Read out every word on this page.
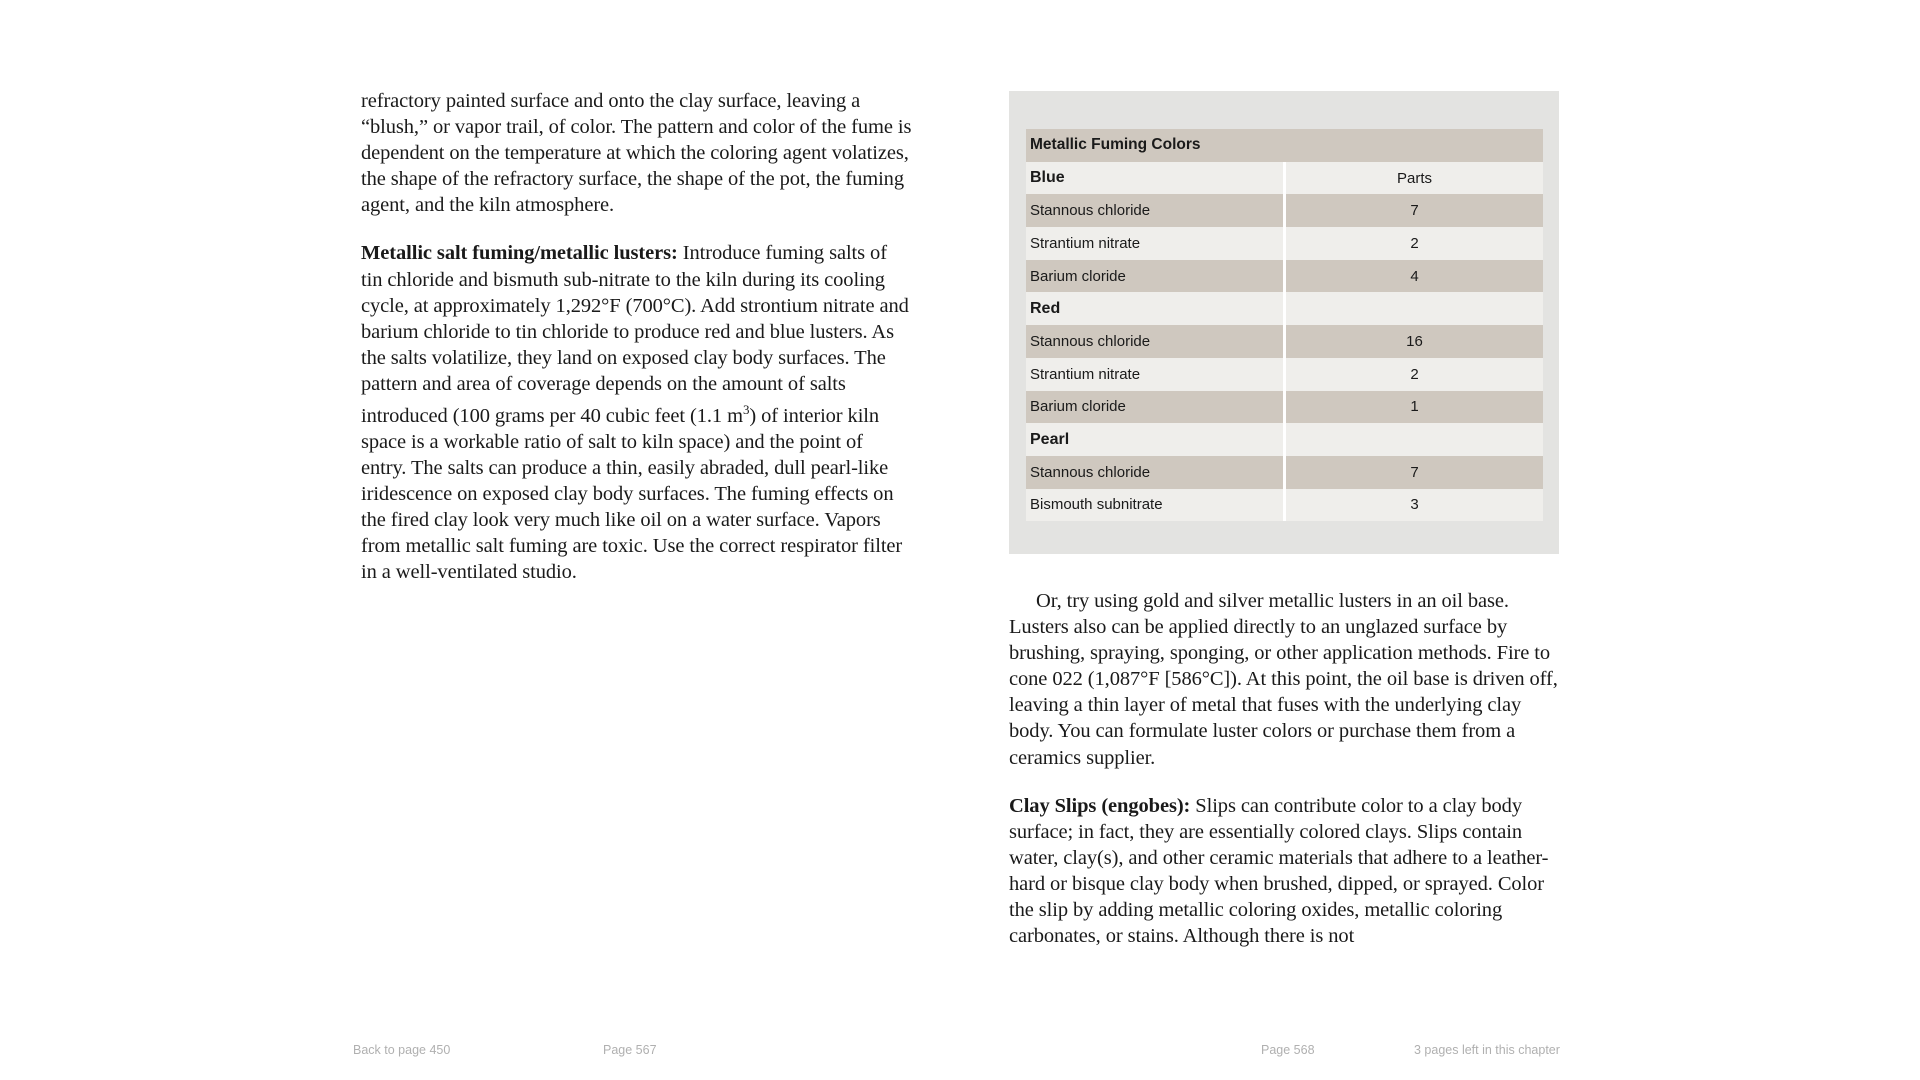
refractory painted surface and onto the clay surface, leaving a “blush,” or vapor trail, of color. The pattern and color of the fume is dependent on the temperature at which the coloring agent volatizes, the shape of the refractory surface, the shape of the pot, the fuming agent, and the kiln atmosphere.

Metallic salt fuming/metallic lusters: Introduce fuming salts of tin chloride and bismuth sub-nitrate to the kiln during its cooling cycle, at approximately 1,292°F (700°C). Add strontium nitrate and barium chloride to tin chloride to produce red and blue lusters. As the salts volatilize, they land on exposed clay body surfaces. The pattern and area of coverage depends on the amount of salts introduced (100 grams per 40 cubic feet (1.1 $m^3$) of interior kiln space is a workable ratio of salt to kiln space) and the point of entry. The salts can produce a thin, easily abraded, dull pearl-like iridescence on exposed clay body surfaces. The fuming effects on the fired clay look very much like oil on a water surface. Vapors from metallic salt fuming are toxic. Use the correct respirator filter in a well-ventilated studio.

Metallic Fuming Colors		
Blue		Parts
Stannous chloride		7
Strantium nitrate		2
Barium cloride		4
Red		
Stannous chloride		16
Strantium nitrate		2
Barium cloride		1
Pearl		
Stannous chloride		7
Bismouth subnitrate		3

Or, try using gold and silver metallic lusters in an oil base. Lusters also can be applied directly to an unglazed surface by brushing, spraying, sponging, or other application methods. Fire to cone 022 (1,087°F [586°C]). At this point, the oil base is driven off, leaving a thin layer of metal that fuses with the underlying clay body. You can formulate luster colors or purchase them from a ceramics supplier.

Clay Slips (engobes): Slips can contribute color to a clay body surface; in fact, they are essentially colored clays. Slips contain water, clay(s), and other ceramic materials that adhere to a leather-hard or bisque clay body when brushed, dipped, or sprayed. Color the slip by adding metallic coloring oxides, metallic coloring carbonates, or stains. Although there is not

Back to page 450	Page 567	Page 568	3 pages left in this chapter
